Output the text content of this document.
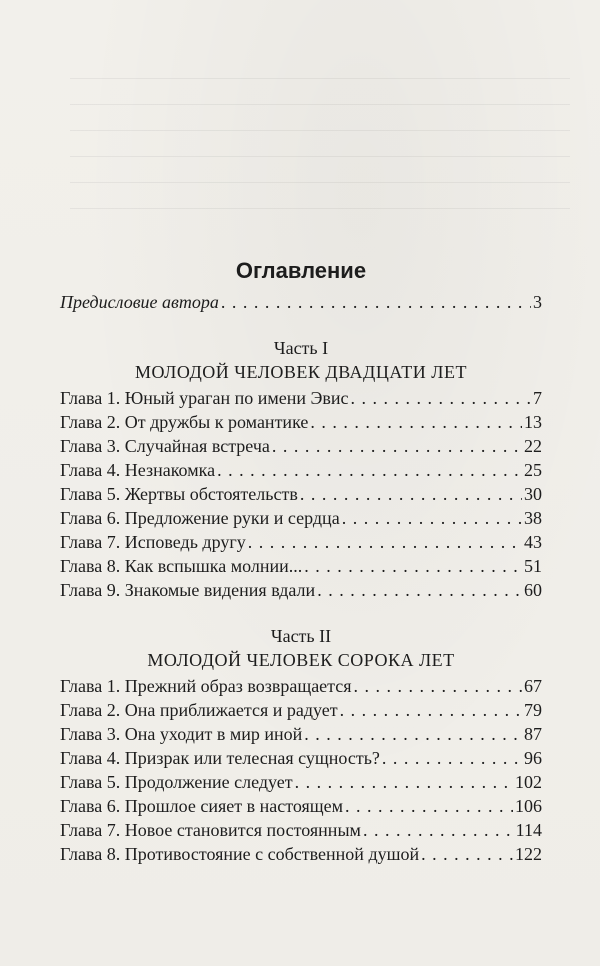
Оглавление
Предисловие автора . . .	3
Часть I
МОЛОДОЙ ЧЕЛОВЕК ДВАДЦАТИ ЛЕТ
Глава 1. Юный ураган по имени Эвис . . .	7
Глава 2. От дружбы к романтике . . .	13
Глава 3. Случайная встреча . . .	22
Глава 4. Незнакомка . . .	25
Глава 5. Жертвы обстоятельств . . .	30
Глава 6. Предложение руки и сердца . . .	38
Глава 7. Исповедь другу . . .	43
Глава 8. Как вспышка молнии... . . .	51
Глава 9. Знакомые видения вдали . . .	60
Часть II
МОЛОДОЙ ЧЕЛОВЕК СОРОКА ЛЕТ
Глава 1. Прежний образ возвращается . . .	67
Глава 2. Она приближается и радует . . .	79
Глава 3. Она уходит в мир иной . . .	87
Глава 4. Призрак или телесная сущность? . . .	96
Глава 5. Продолжение следует . . .	102
Глава 6. Прошлое сияет в настоящем . . .	106
Глава 7. Новое становится постоянным . . .	114
Глава 8. Противостояние с собственной душой . . .	122
